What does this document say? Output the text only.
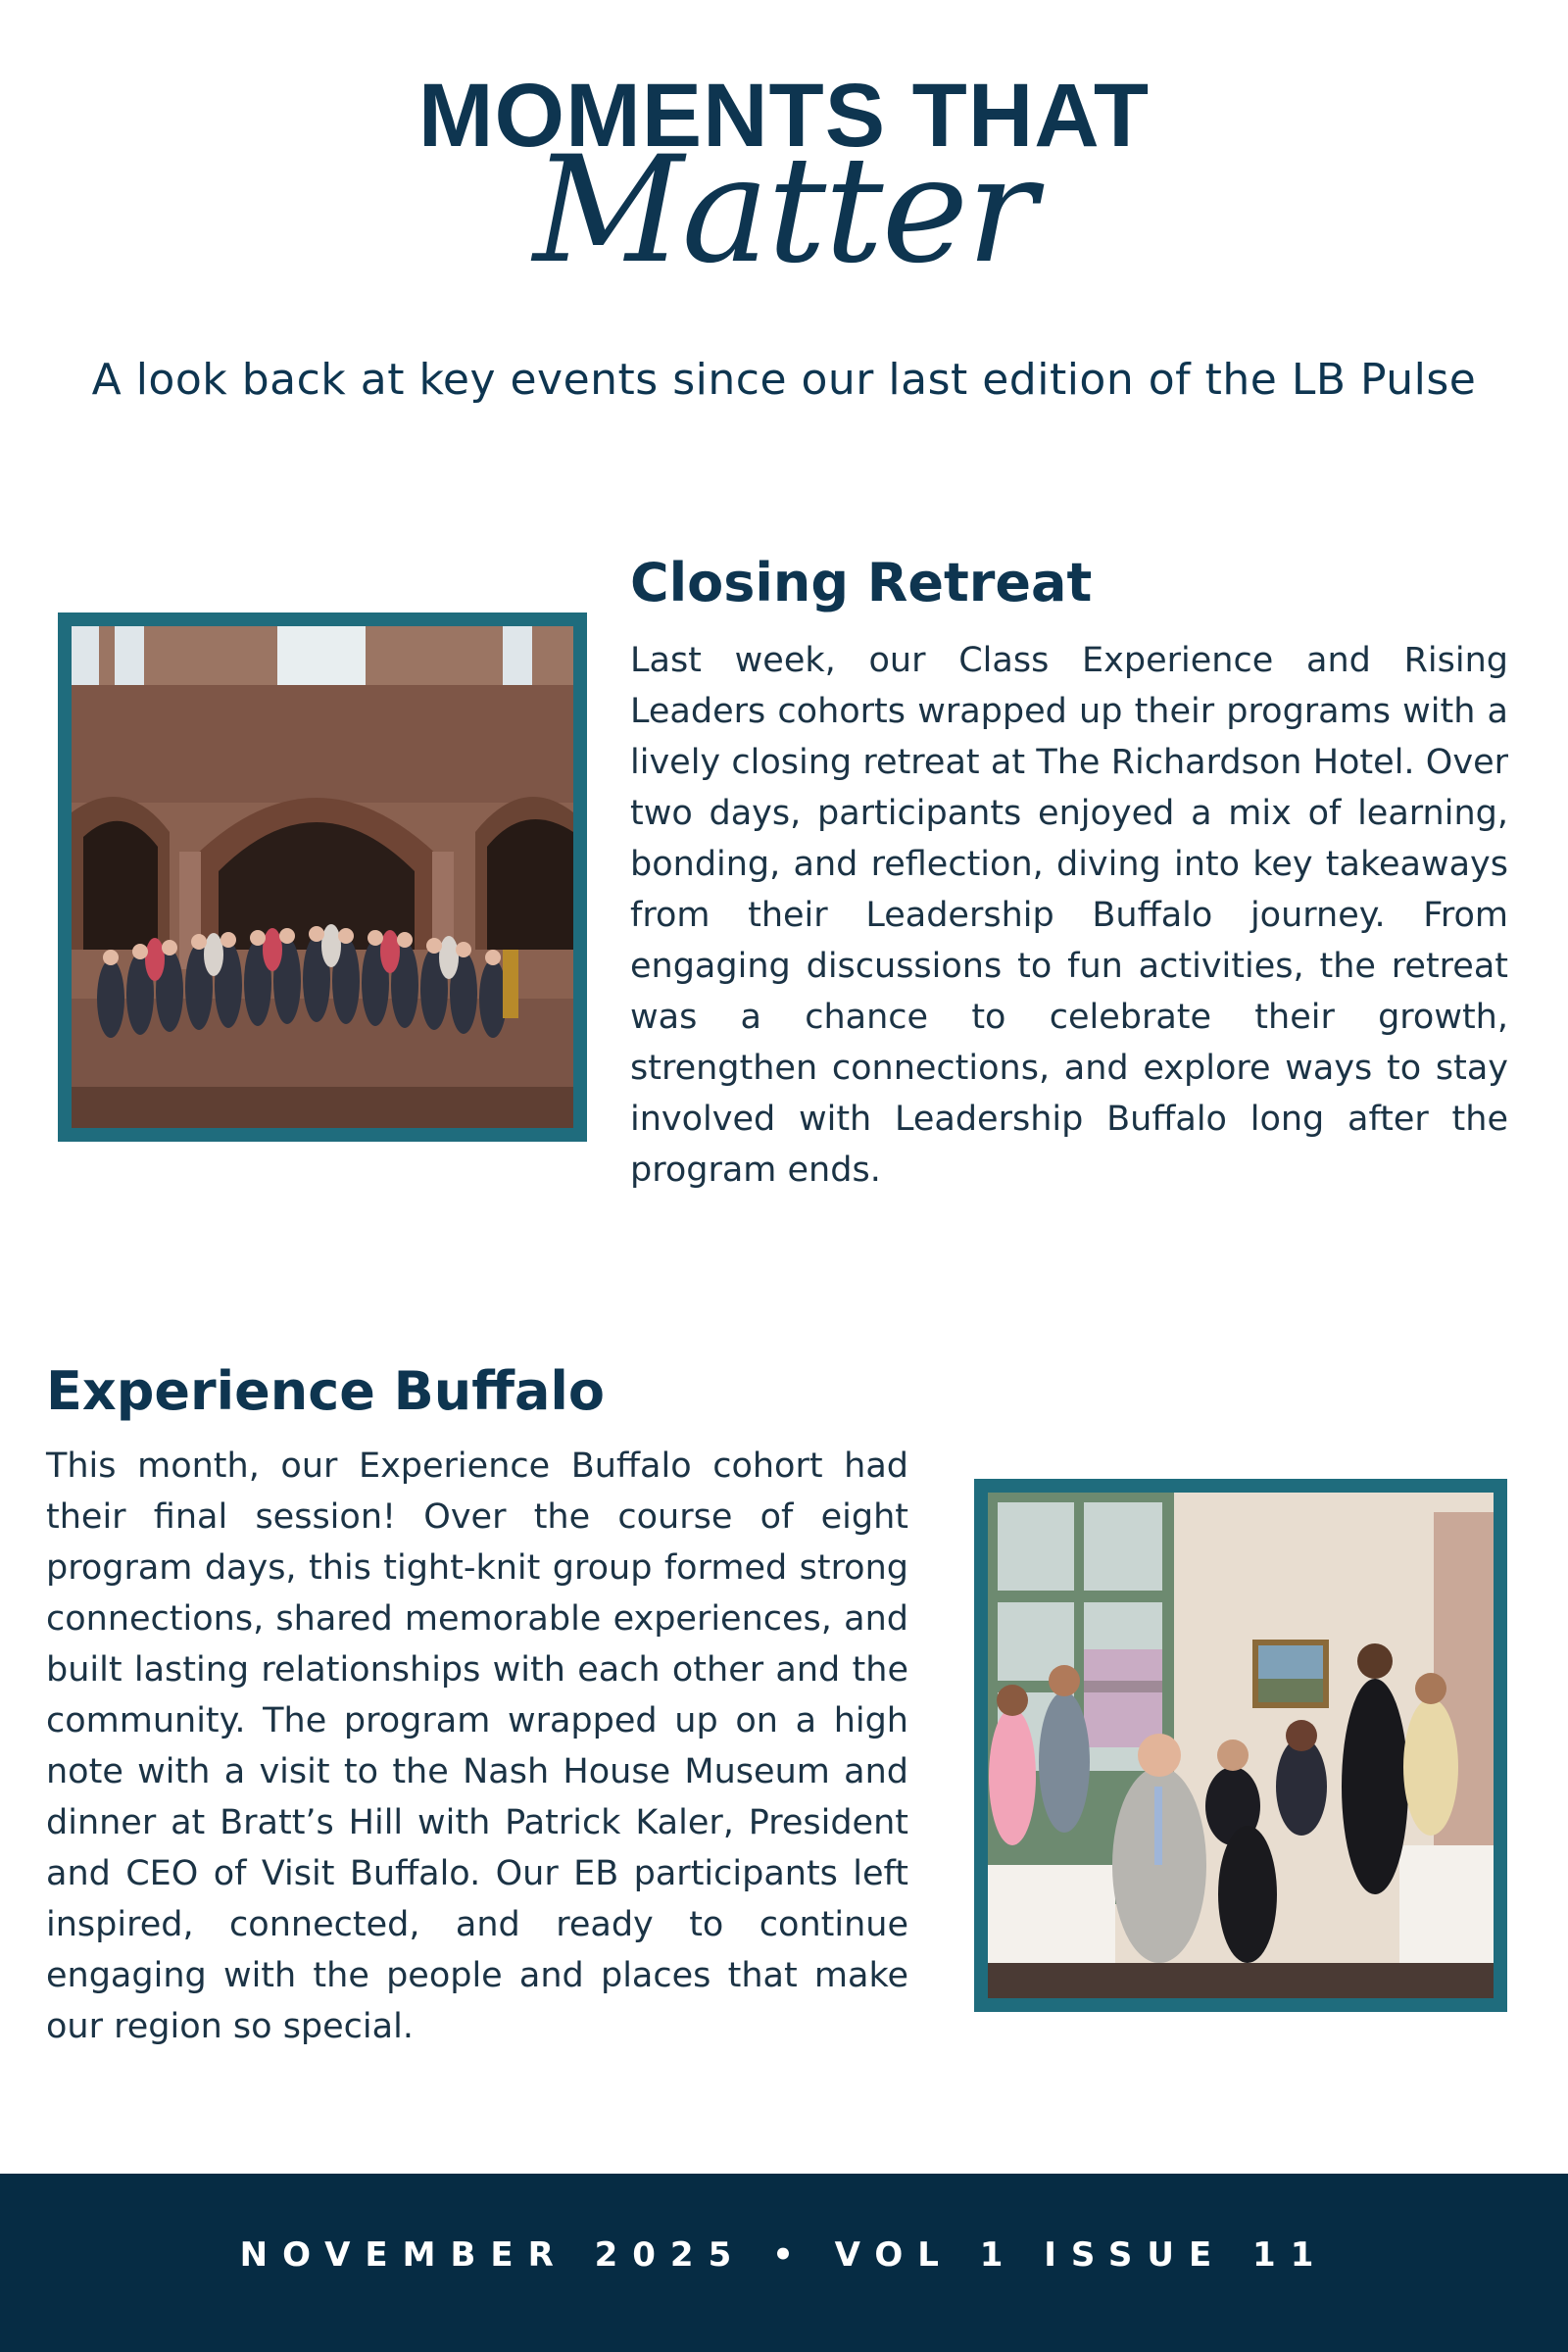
MOMENTS THAT
Matter
A look back at key events since our last edition of the LB Pulse
Closing Retreat

Last week, our Class Experience and Rising Leaders cohorts wrapped up their programs with a lively closing retreat at The Richardson Hotel. Over two days, participants enjoyed a mix of learning, bonding, and reflection, diving into key takeaways from their Leadership Buffalo journey. From engaging discussions to fun activities, the retreat was a chance to celebrate their growth, strengthen connections, and explore ways to stay involved with Leadership Buffalo long after the program ends.

Experience Buffalo

This month, our Experience Buffalo cohort had their final session! Over the course of eight program days, this tight-knit group formed strong connections, shared memorable experiences, and built lasting relationships with each other and the community. The program wrapped up on a high note with a visit to the Nash House Museum and dinner at Bratt’s Hill with Patrick Kaler, President and CEO of Visit Buffalo. Our EB participants left inspired, connected, and ready to continue engaging with the people and places that make our region so special.

NOVEMBER 2025 • VOL 1 ISSUE 11
